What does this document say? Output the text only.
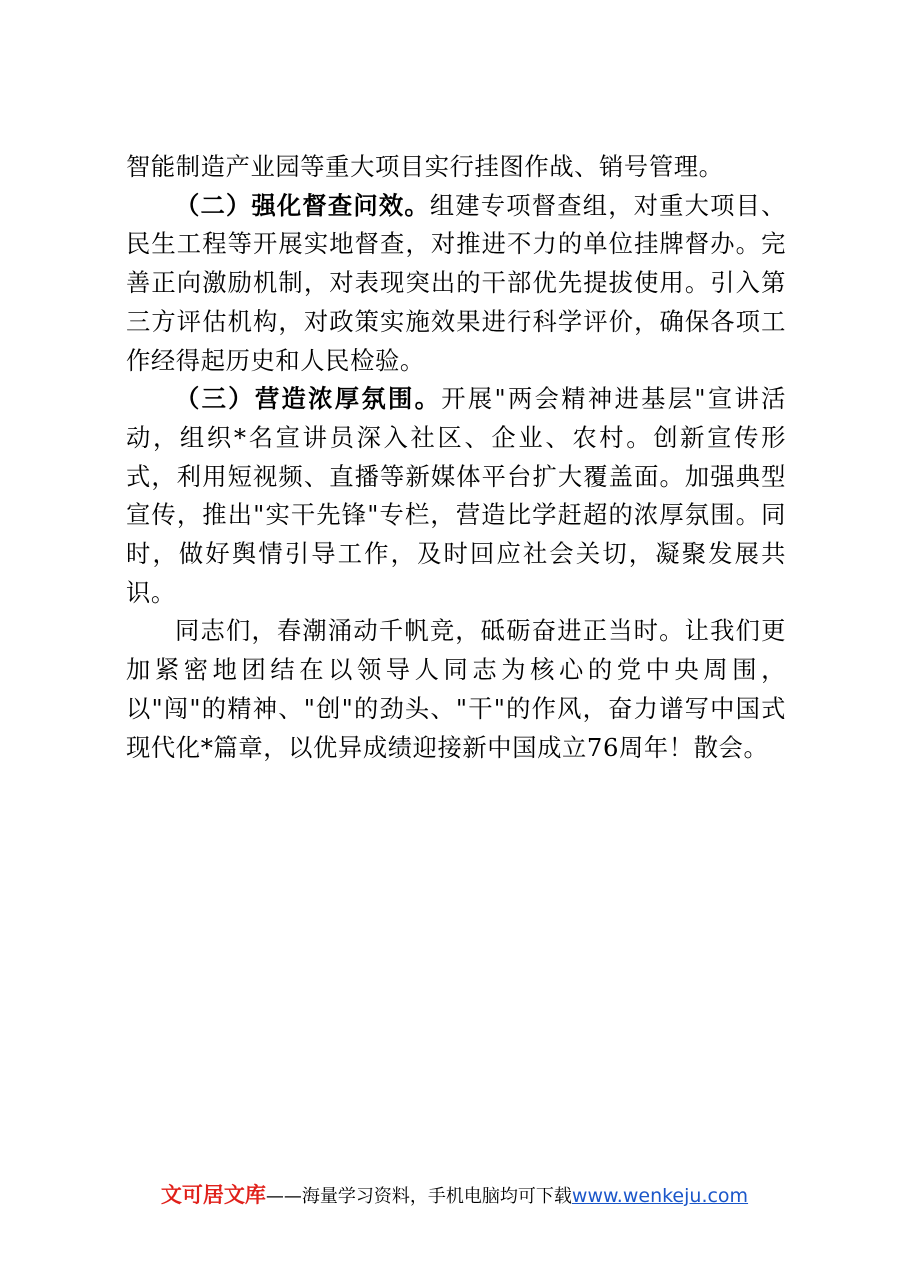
智能制造产业园等重大项目实行挂图作战、销号管理。

（二）强化督查问效。组建专项督查组，对重大项目、民生工程等开展实地督查，对推进不力的单位挂牌督办。完善正向激励机制，对表现突出的干部优先提拔使用。引入第三方评估机构，对政策实施效果进行科学评价，确保各项工作经得起历史和人民检验。

（三）营造浓厚氛围。开展"两会精神进基层"宣讲活动，组织*名宣讲员深入社区、企业、农村。创新宣传形式，利用短视频、直播等新媒体平台扩大覆盖面。加强典型宣传，推出"实干先锋"专栏，营造比学赶超的浓厚氛围。同时，做好舆情引导工作，及时回应社会关切，凝聚发展共识。

同志们，春潮涌动千帆竞，砥砺奋进正当时。让我们更加紧密地团结在以领导人同志为核心的党中央周围，以"闯"的精神、"创"的劲头、"干"的作风，奋力谱写中国式现代化*篇章，以优异成绩迎接新中国成立76周年！散会。

文可居文库——海量学习资料，手机电脑均可下载www.wenkeju.com
